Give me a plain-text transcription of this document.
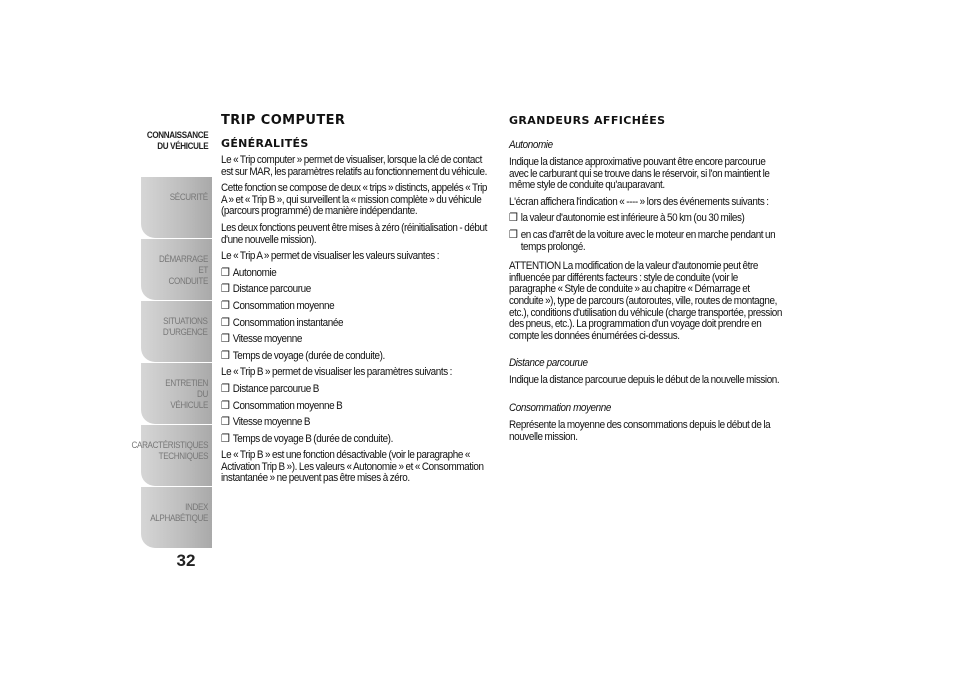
CONNAISSANCE
DU VÉHICULE
SÉCURITÉ
DÉMARRAGE ET
CONDUITE
SITUATIONS
D'URGENCE
ENTRETIEN DU
VÉHICULE
CARACTÉRISTIQUES
TECHNIQUES
INDEX
ALPHABÉTIQUE
32
TRIP COMPUTER
GÉNÉRALITÉS

Le « Trip computer » permet de visualiser, lorsque la clé de contact est sur MAR, les paramètres relatifs au fonctionnement du véhicule.

Cette fonction se compose de deux « trips » distincts, appelés « Trip A » et « Trip B », qui surveillent la « mission complète » du véhicule (parcours programmé) de manière indépendante.

Les deux fonctions peuvent être mises à zéro (réinitialisation - début d'une nouvelle mission).

Le « Trip A » permet de visualiser les valeurs suivantes :

❐ Autonomie
❐ Distance parcourue
❐ Consommation moyenne
❐ Consommation instantanée
❐ Vitesse moyenne
❐ Temps de voyage (durée de conduite).

Le « Trip B » permet de visualiser les paramètres suivants :

❐ Distance parcourue B
❐ Consommation moyenne B
❐ Vitesse moyenne B
❐ Temps de voyage B (durée de conduite).

Le « Trip B » est une fonction désactivable (voir le paragraphe « Activation Trip B »). Les valeurs « Autonomie » et « Consommation instantanée » ne peuvent pas être mises à zéro.

GRANDEURS AFFICHÉES
Autonomie

Indique la distance approximative pouvant être encore parcourue avec le carburant qui se trouve dans le réservoir, si l'on maintient le même style de conduite qu'auparavant.

L'écran affichera l'indication « ---- » lors des événements suivants :

❐ la valeur d'autonomie est inférieure à 50 km (ou 30 miles)
❐ en cas d'arrêt de la voiture avec le moteur en marche pendant un temps prolongé.

ATTENTION La modification de la valeur d'autonomie peut être influencée par différents facteurs : style de conduite (voir le paragraphe « Style de conduite » au chapitre « Démarrage et conduite »), type de parcours (autoroutes, ville, routes de montagne, etc.), conditions d'utilisation du véhicule (charge transportée, pression des pneus, etc.). La programmation d'un voyage doit prendre en compte les données énumérées ci-dessus.

Distance parcourue

Indique la distance parcourue depuis le début de la nouvelle mission.

Consommation moyenne

Représente la moyenne des consommations depuis le début de la nouvelle mission.
